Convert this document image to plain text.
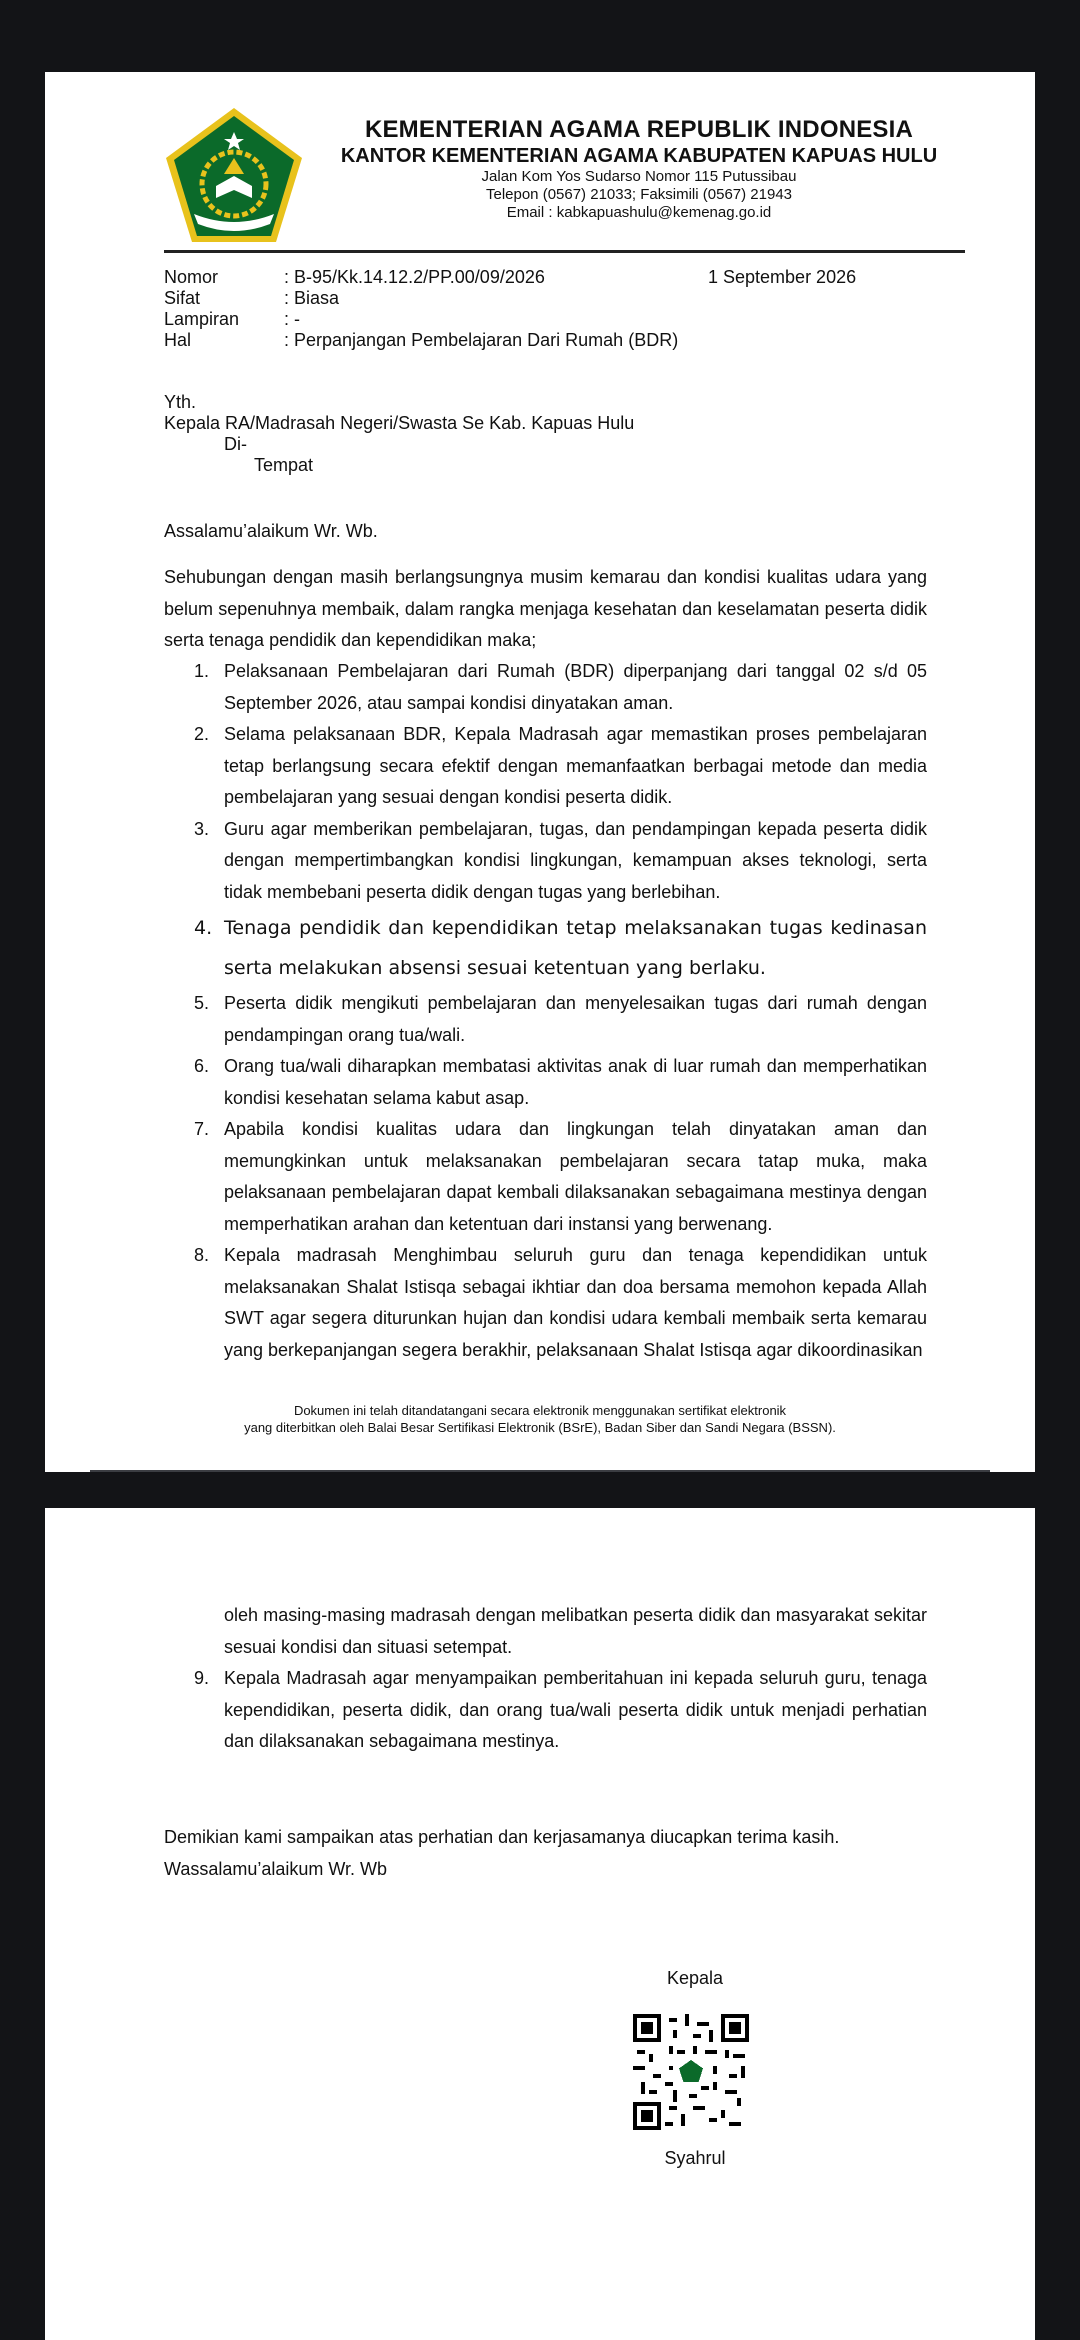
KEMENTERIAN AGAMA REPUBLIK INDONESIA
KANTOR KEMENTERIAN AGAMA KABUPATEN KAPUAS HULU
Jalan Kom Yos Sudarso Nomor 115 Putussibau
Telepon (0567) 21033; Faksimili (0567) 21943
Email : kabkapuashulu@kemenag.go.id
Nomor	: B-95/Kk.14.12.2/PP.00/09/2026	1 September 2026
Sifat	: Biasa
Lampiran : -
Hal	: Perpanjangan Pembelajaran Dari Rumah (BDR)
Yth.
Kepala RA/Madrasah Negeri/Swasta Se Kab. Kapuas Hulu
Di-
Tempat
Assalamu’alaikum Wr. Wb.
Sehubungan dengan masih berlangsungnya musim kemarau dan kondisi kualitas udara yang belum sepenuhnya membaik, dalam rangka menjaga kesehatan dan keselamatan peserta didik serta tenaga pendidik dan kependidikan maka;
1. Pelaksanaan Pembelajaran dari Rumah (BDR) diperpanjang dari tanggal 02 s/d 05 September 2026, atau sampai kondisi dinyatakan aman.
2. Selama pelaksanaan BDR, Kepala Madrasah agar memastikan proses pembelajaran tetap berlangsung secara efektif dengan memanfaatkan berbagai metode dan media pembelajaran yang sesuai dengan kondisi peserta didik.
3. Guru agar memberikan pembelajaran, tugas, dan pendampingan kepada peserta didik dengan mempertimbangkan kondisi lingkungan, kemampuan akses teknologi, serta tidak membebani peserta didik dengan tugas yang berlebihan.
4. Tenaga pendidik dan kependidikan tetap melaksanakan tugas kedinasan serta melakukan absensi sesuai ketentuan yang berlaku.
5. Peserta didik mengikuti pembelajaran dan menyelesaikan tugas dari rumah dengan pendampingan orang tua/wali.
6. Orang tua/wali diharapkan membatasi aktivitas anak di luar rumah dan memperhatikan kondisi kesehatan selama kabut asap.
7. Apabila kondisi kualitas udara dan lingkungan telah dinyatakan aman dan memungkinkan untuk melaksanakan pembelajaran secara tatap muka, maka pelaksanaan pembelajaran dapat kembali dilaksanakan sebagaimana mestinya dengan memperhatikan arahan dan ketentuan dari instansi yang berwenang.
8. Kepala madrasah Menghimbau seluruh guru dan tenaga kependidikan untuk melaksanakan Shalat Istisqa sebagai ikhtiar dan doa bersama memohon kepada Allah SWT agar segera diturunkan hujan dan kondisi udara kembali membaik serta kemarau yang berkepanjangan segera berakhir, pelaksanaan Shalat Istisqa agar dikoordinasikan
Dokumen ini telah ditandatangani secara elektronik menggunakan sertifikat elektronik
yang diterbitkan oleh Balai Besar Sertifikasi Elektronik (BSrE), Badan Siber dan Sandi Negara (BSSN).
oleh masing-masing madrasah dengan melibatkan peserta didik dan masyarakat sekitar sesuai kondisi dan situasi setempat.
9. Kepala Madrasah agar menyampaikan pemberitahuan ini kepada seluruh guru, tenaga kependidikan, peserta didik, dan orang tua/wali peserta didik untuk menjadi perhatian dan dilaksanakan sebagaimana mestinya.
Demikian kami sampaikan atas perhatian dan kerjasamanya diucapkan terima kasih.
Wassalamu’alaikum Wr. Wb
Kepala
Syahrul
